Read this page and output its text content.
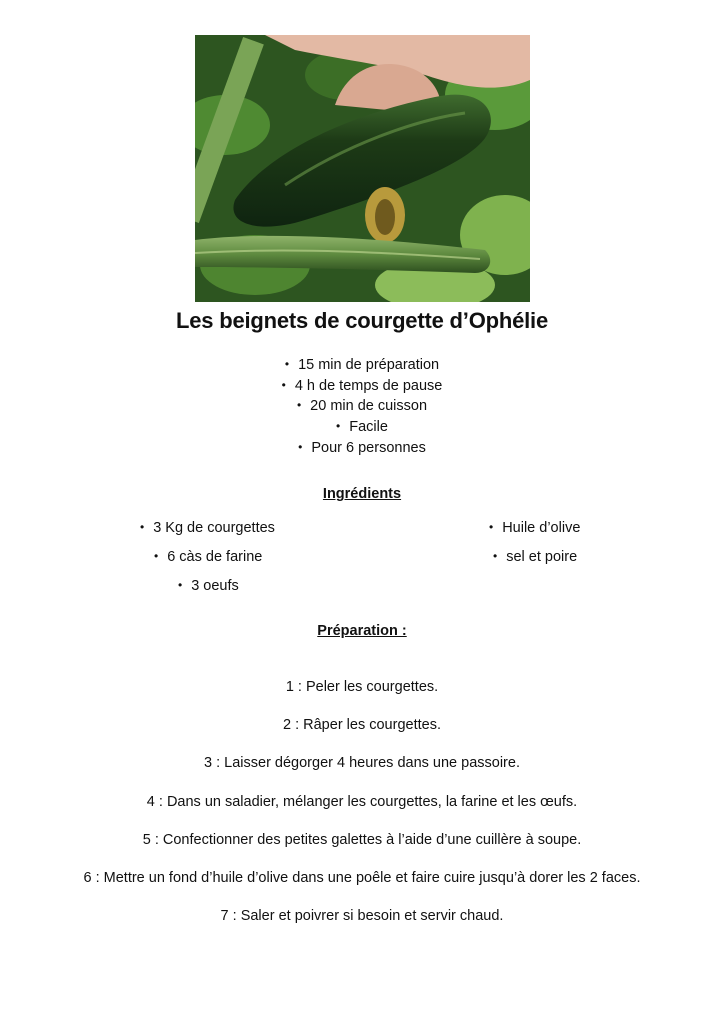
Les beignets de courgette d’Ophélie
• 15 min de préparation
• 4 h de temps de pause
• 20 min de cuisson
• Facile
• Pour 6 personnes
Ingrédients
• 3 Kg de courgettes
• 6 càs de farine
• 3 oeufs
• Huile d’olive
• sel et poire
Préparation :
1 : Peler les courgettes.
2 : Râper les courgettes.
3 : Laisser dégorger 4 heures dans une passoire.
4 : Dans un saladier, mélanger les courgettes, la farine et les œufs.
5 : Confectionner des petites galettes à l’aide d’une cuillère à soupe.
6 : Mettre un fond d’huile d’olive dans une poêle et faire cuire jusqu’à dorer les 2 faces.
7 : Saler et poivrer si besoin et servir chaud.
